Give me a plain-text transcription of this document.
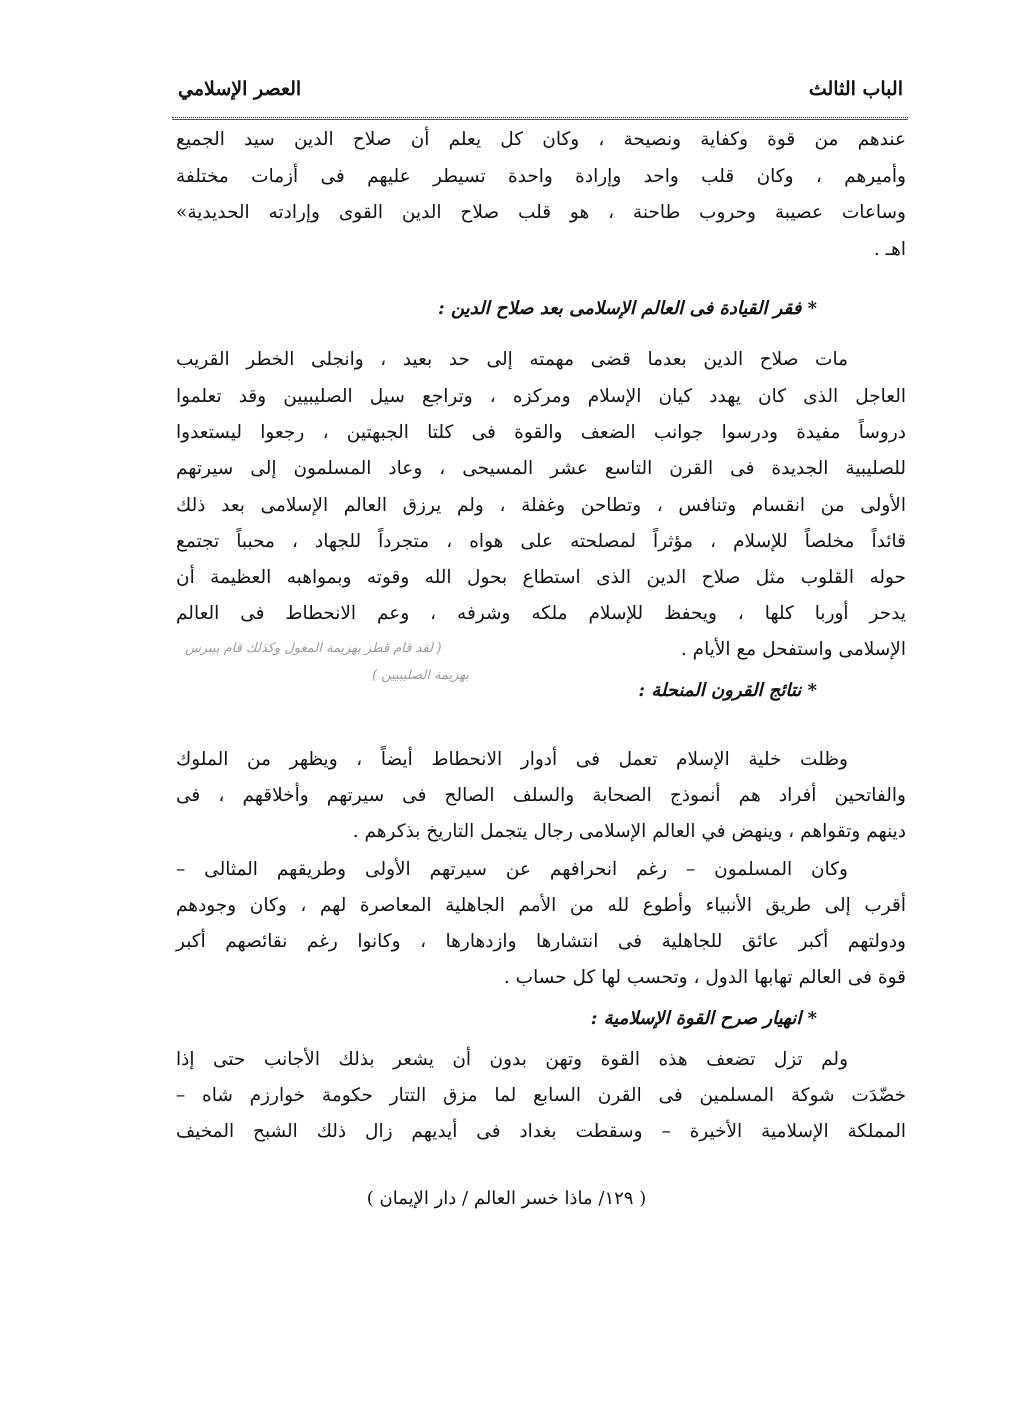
الباب الثالث
العصر الإسلامي
عندهم من قوة وكفاية ونصيحة ، وكان كل يعلم أن صلاح الدين سيد الجميع
وأميرهم ، وكان قلب واحد وإرادة واحدة تسيطر عليهم فى أزمات مختلفة
وساعات عصيبة وحروب طاحنة ، هو قلب صلاح الدين القوى وإرادته الحديدية»
اهـ .
* فقر القيادة فى العالم الإسلامى بعد صلاح الدين :
مات صلاح الدين بعدما قضى مهمته إلى حد بعيد ، وانجلى الخطر القريب
العاجل الذى كان يهدد كيان الإسلام ومركزه ، وتراجع سيل الصليبيين وقد تعلموا
دروساً مفيدة ودرسوا جوانب الضعف والقوة فى كلتا الجبهتين ، رجعوا ليستعدوا
للصليبية الجديدة فى القرن التاسع عشر المسيحى ، وعاد المسلمون إلى سيرتهم
الأولى من انقسام وتنافس ، وتطاحن وغفلة ، ولم يرزق العالم الإسلامى بعد ذلك
قائداً مخلصاً للإسلام ، مؤثراً لمصلحته على هواه ، متجرداً للجهاد ، محبباً تجتمع
حوله القلوب مثل صلاح الدين الذى استطاع بحول الله وقوته وبمواهبه العظيمة أن
يدحر أوربا كلها ، ويحفظ للإسلام ملكه وشرفه ، وعم الانحطاط فى العالم
الإسلامى واستفحل مع الأيام .
( لقد قام قطز بهزيمة المغول وكذلك قام بيبرس
بهزيمة الصليبيين )
* نتائج القرون المنحلة :
وظلت خلية الإسلام تعمل فى أدوار الانحطاط أيضاً ، ويظهر من الملوك
والفاتحين أفراد هم أنموذج الصحابة والسلف الصالح فى سيرتهم وأخلاقهم ، فى
دينهم وتقواهم ، وينهض في العالم الإسلامى رجال يتجمل التاريخ بذكرهم .
وكان المسلمون – رغم انحرافهم عن سيرتهم الأولى وطريقهم المثالى –
أقرب إلى طريق الأنبياء وأطوع لله من الأمم الجاهلية المعاصرة لهم ، وكان وجودهم
ودولتهم أكبر عائق للجاهلية فى انتشارها وازدهارها ، وكانوا رغم نقائصهم أكبر
قوة فى العالم تهابها الدول ، وتحسب لها كل حساب .
* انهيار صرح القوة الإسلامية :
ولم تزل تضعف هذه القوة وتهن بدون أن يشعر بذلك الأجانب حتى إذا
خضّدَت شوكة المسلمين فى القرن السابع لما مزق التتار حكومة خوارزم شاه –
المملكة الإسلامية الأخيرة – وسقطت بغداد فى أيديهم زال ذلك الشبح المخيف
( ١٢٩/ ماذا خسر العالم / دار الإيمان )
